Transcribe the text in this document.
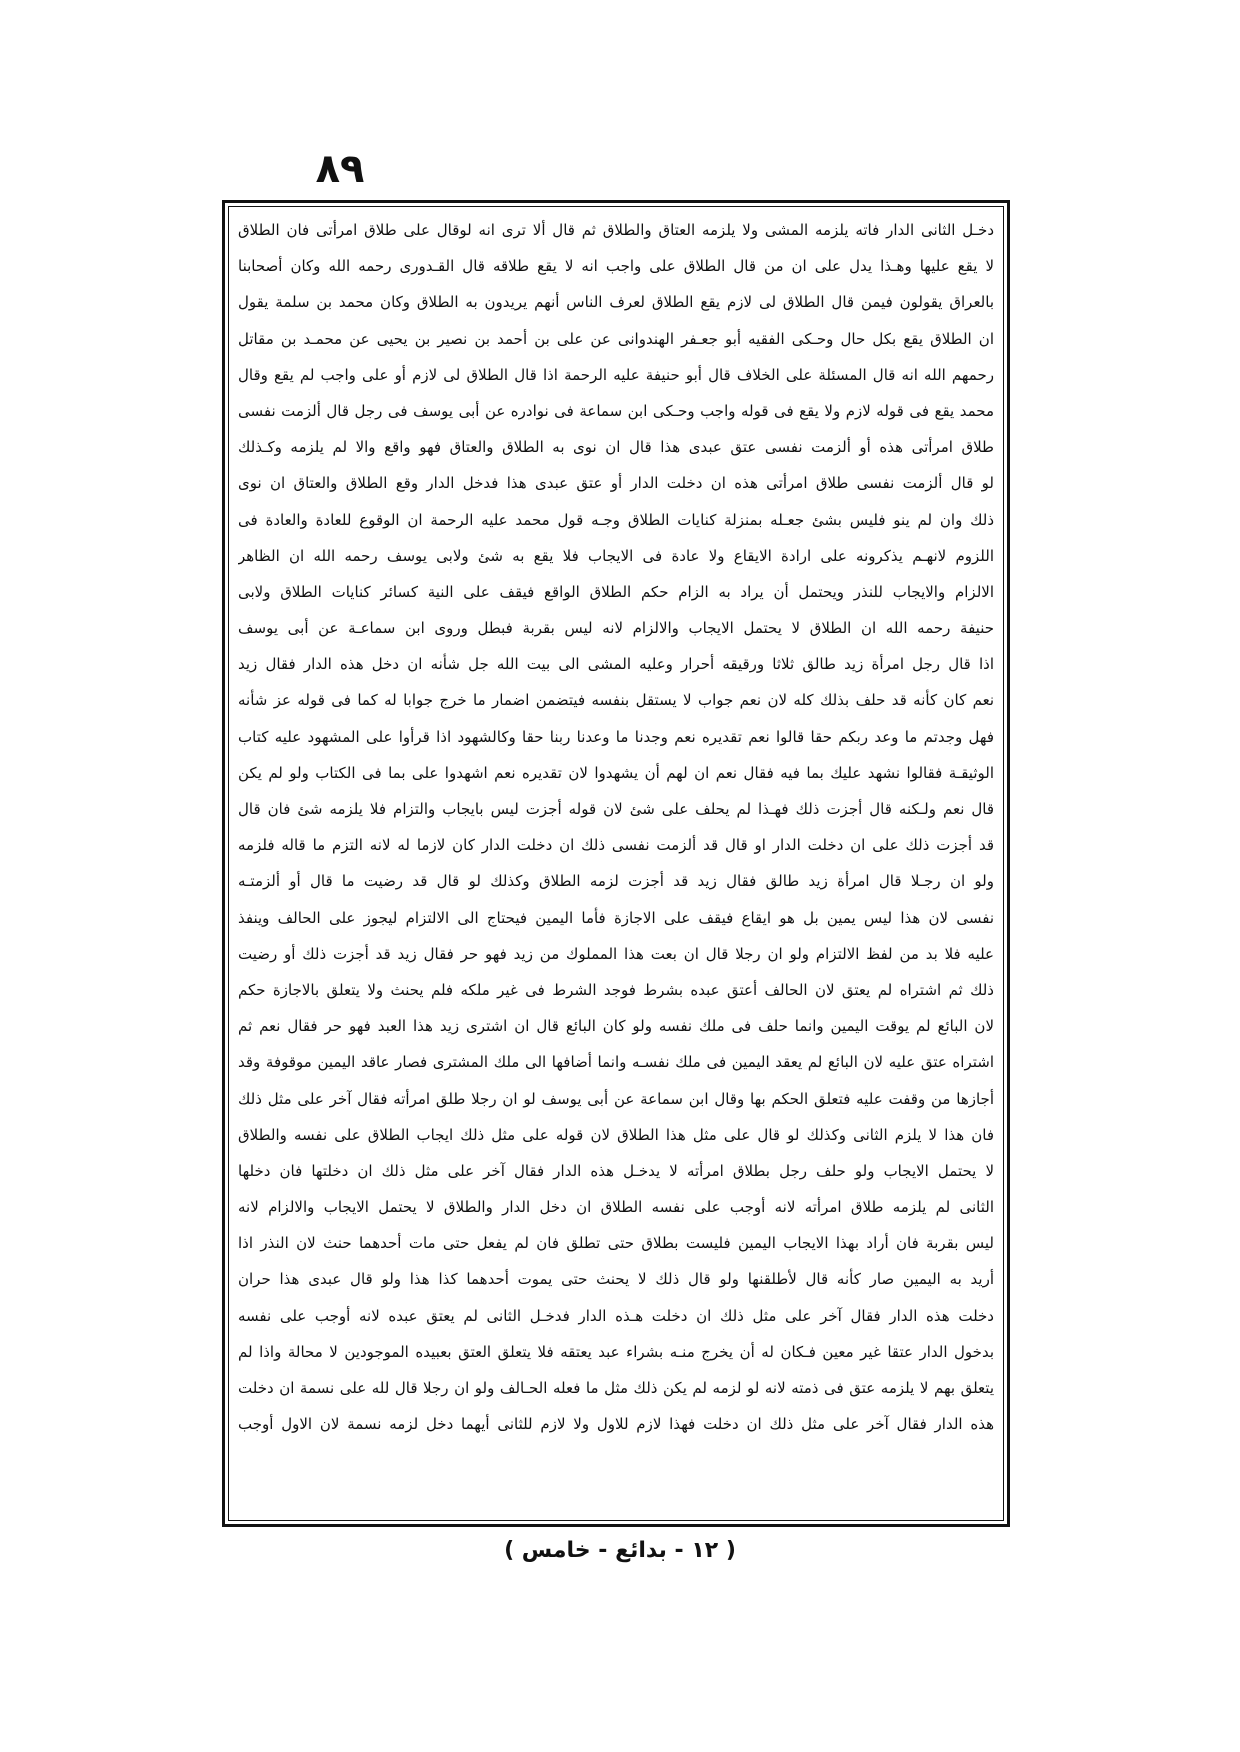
٨٩
دخـل الثانى الدار فاته يلزمه المشى ولا يلزمه العتاق والطلاق ثم قال ألا ترى انه لوقال على طلاق امرأتى فان الطلاق
لا يقع عليها وهـذا يدل على ان من قال الطلاق على واجب انه لا يقع طلاقه قال القـدورى رحمه الله وكان أصحابنا
بالعراق يقولون فيمن قال الطلاق لى لازم يقع الطلاق لعرف الناس أنهم يريدون به الطلاق وكان محمد بن سلمة يقول
ان الطلاق يقع بكل حال وحـكى الفقيه أبو جعـفر الهندوانى عن على بن أحمد بن نصير بن يحيى عن محمـد بن مقاتل
رحمهم الله انه قال المسئلة على الخلاف قال أبو حنيفة عليه الرحمة اذا قال الطلاق لى لازم أو على واجب لم يقع وقال
محمد يقع فى قوله لازم ولا يقع فى قوله واجب وحـكى ابن سماعة فى نوادره عن أبى يوسف فى رجل قال ألزمت نفسى
طلاق امرأتى هذه أو ألزمت نفسى عتق عبدى هذا قال ان نوى به الطلاق والعتاق فهو واقع والا لم يلزمه وكـذلك
لو قال ألزمت نفسى طلاق امرأتى هذه ان دخلت الدار أو عتق عبدى هذا فدخل الدار وقع الطلاق والعتاق ان نوى
ذلك وان لم ينو فليس بشئ جعـله بمنزلة كنايات الطلاق وجـه قول محمد عليه الرحمة ان الوقوع للعادة والعادة فى
اللزوم لانهـم يذكرونه على ارادة الايقاع ولا عادة فى الايجاب فلا يقع به شئ ولابى يوسف رحمه الله ان الظاهر
الالزام والايجاب للنذر ويحتمل أن يراد به الزام حكم الطلاق الواقع فيقف على النية كسائر كنايات الطلاق ولابى
حنيفة رحمه الله ان الطلاق لا يحتمل الايجاب والالزام لانه ليس بقربة فبطل وروى ابن سماعـة عن أبى يوسف
اذا قال رجل امرأة زيد طالق ثلاثا ورقيقه أحرار وعليه المشى الى بيت الله جل شأنه ان دخل هذه الدار فقال زيد
نعم كان كأنه قد حلف بذلك كله لان نعم جواب لا يستقل بنفسه فيتضمن اضمار ما خرج جوابا له كما فى قوله عز شأنه
فهل وجدتم ما وعد ربكم حقا قالوا نعم تقديره نعم وجدنا ما وعدنا ربنا حقا وكالشهود اذا قرأوا على المشهود عليه كتاب
الوثيقـة فقالوا نشهد عليك بما فيه فقال نعم ان لهم أن يشهدوا لان تقديره نعم اشهدوا على بما فى الكتاب ولو لم يكن
قال نعم ولـكنه قال أجزت ذلك فهـذا لم يحلف على شئ لان قوله أجزت ليس بايجاب والتزام فلا يلزمه شئ فان قال
قد أجزت ذلك على ان دخلت الدار او قال قد ألزمت نفسى ذلك ان دخلت الدار كان لازما له لانه التزم ما قاله فلزمه
ولو ان رجـلا قال امرأة زيد طالق فقال زيد قد أجزت لزمه الطلاق وكذلك لو قال قد رضيت ما قال أو ألزمتـه
نفسى لان هذا ليس يمين بل هو ايقاع فيقف على الاجازة فأما اليمين فيحتاج الى الالتزام ليجوز على الحالف وينفذ
عليه فلا بد من لفظ الالتزام ولو ان رجلا قال ان بعت هذا المملوك من زيد فهو حر فقال زيد قد أجزت ذلك أو رضيت
ذلك ثم اشتراه لم يعتق لان الحالف أعتق عبده بشرط فوجد الشرط فى غير ملكه فلم يحنث ولا يتعلق بالاجازة حكم
لان البائع لم يوقت اليمين وانما حلف فى ملك نفسه ولو كان البائع قال ان اشترى زيد هذا العبد فهو حر فقال نعم ثم
اشتراه عتق عليه لان البائع لم يعقد اليمين فى ملك نفسـه وانما أضافها الى ملك المشترى فصار عاقد اليمين موقوفة وقد
أجازها من وقفت عليه فتعلق الحكم بها وقال ابن سماعة عن أبى يوسف لو ان رجلا طلق امرأته فقال آخر على مثل ذلك
فان هذا لا يلزم الثانى وكذلك لو قال على مثل هذا الطلاق لان قوله على مثل ذلك ايجاب الطلاق على نفسه والطلاق
لا يحتمل الايجاب ولو حلف رجل بطلاق امرأته لا يدخـل هذه الدار فقال آخر على مثل ذلك ان دخلتها فان دخلها
الثانى لم يلزمه طلاق امرأته لانه أوجب على نفسه الطلاق ان دخل الدار والطلاق لا يحتمل الايجاب والالزام لانه
ليس بقربة فان أراد بهذا الايجاب اليمين فليست بطلاق حتى تطلق فان لم يفعل حتى مات أحدهما حنث لان النذر اذا
أريد به اليمين صار كأنه قال لأطلقنها ولو قال ذلك لا يحنث حتى يموت أحدهما كذا هذا ولو قال عبدى هذا حران
دخلت هذه الدار فقال آخر على مثل ذلك ان دخلت هـذه الدار فدخـل الثانى لم يعتق عبده لانه أوجب على نفسه
بدخول الدار عتقا غير معين فـكان له أن يخرج منـه بشراء عبد يعتقه فلا يتعلق العتق بعبيده الموجودين لا محالة واذا لم
يتعلق بهم لا يلزمه عتق فى ذمته لانه لو لزمه لم يكن ذلك مثل ما فعله الحـالف ولو ان رجلا قال لله على نسمة ان دخلت
هذه الدار فقال آخر على مثل ذلك ان دخلت فهذا لازم للاول ولا لازم للثانى أيهما دخل لزمه نسمة لان الاول أوجب
( ١٢ - بدائع - خامس )
